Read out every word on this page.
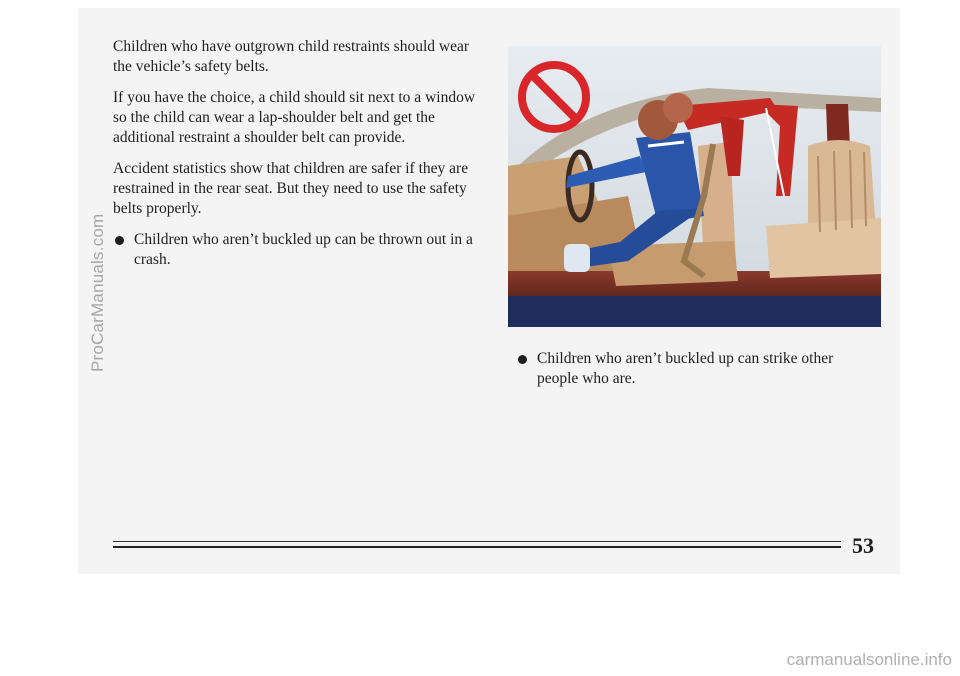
ProCarManuals.com

Children who have outgrown child restraints should wear the vehicle’s safety belts.

If you have the choice, a child should sit next to a window so the child can wear a lap-shoulder belt and get the additional restraint a shoulder belt can provide.

Accident statistics show that children are safer if they are restrained in the rear seat. But they need to use the safety belts properly.

Children who aren’t buckled up can be thrown out in a crash.
Children who aren’t buckled up can strike other people who are.
53
carmanualsonline.info
